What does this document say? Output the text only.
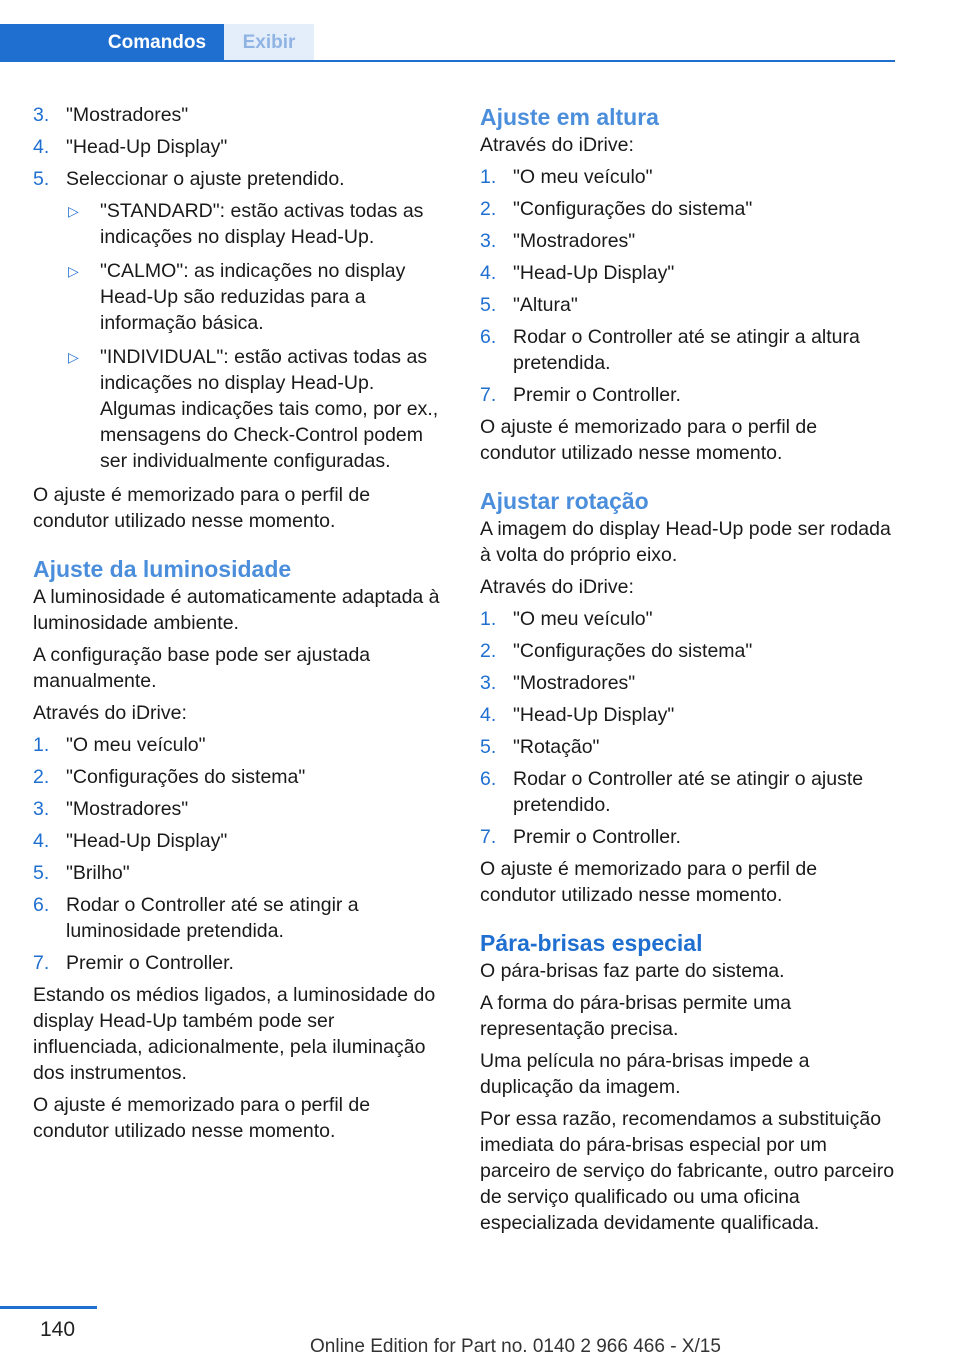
Comandos	Exibir
3. "Mostradores"
4. "Head-Up Display"
5. Seleccionar o ajuste pretendido.
▷ "STANDARD": estão activas todas as indicações no display Head-Up.
▷ "CALMO": as indicações no display Head-Up são reduzidas para a informação básica.
▷ "INDIVIDUAL": estão activas todas as indicações no display Head-Up. Algumas indicações tais como, por ex., mensagens do Check-Control podem ser individualmente configuradas.

O ajuste é memorizado para o perfil de condutor utilizado nesse momento.

Ajuste da luminosidade

A luminosidade é automaticamente adaptada à luminosidade ambiente.

A configuração base pode ser ajustada manualmente.

Através do iDrive:

1. "O meu veículo"
2. "Configurações do sistema"
3. "Mostradores"
4. "Head-Up Display"
5. "Brilho"
6. Rodar o Controller até se atingir a luminosidade pretendida.
7. Premir o Controller.

Estando os médios ligados, a luminosidade do display Head-Up também pode ser influenciada, adicionalmente, pela iluminação dos instrumentos.

O ajuste é memorizado para o perfil de condutor utilizado nesse momento.

Ajuste em altura

Através do iDrive:

1. "O meu veículo"
2. "Configurações do sistema"
3. "Mostradores"
4. "Head-Up Display"
5. "Altura"
6. Rodar o Controller até se atingir a altura pretendida.
7. Premir o Controller.

O ajuste é memorizado para o perfil de condutor utilizado nesse momento.

Ajustar rotação

A imagem do display Head-Up pode ser rodada à volta do próprio eixo.

Através do iDrive:

1. "O meu veículo"
2. "Configurações do sistema"
3. "Mostradores"
4. "Head-Up Display"
5. "Rotação"
6. Rodar o Controller até se atingir o ajuste pretendido.
7. Premir o Controller.

O ajuste é memorizado para o perfil de condutor utilizado nesse momento.

Pára-brisas especial

O pára-brisas faz parte do sistema.

A forma do pára-brisas permite uma representação precisa.

Uma película no pára-brisas impede a duplicação da imagem.

Por essa razão, recomendamos a substituição imediata do pára-brisas especial por um parceiro de serviço do fabricante, outro parceiro de serviço qualificado ou uma oficina especializada devidamente qualificada.

140
Online Edition for Part no. 0140 2 966 466 - X/15
